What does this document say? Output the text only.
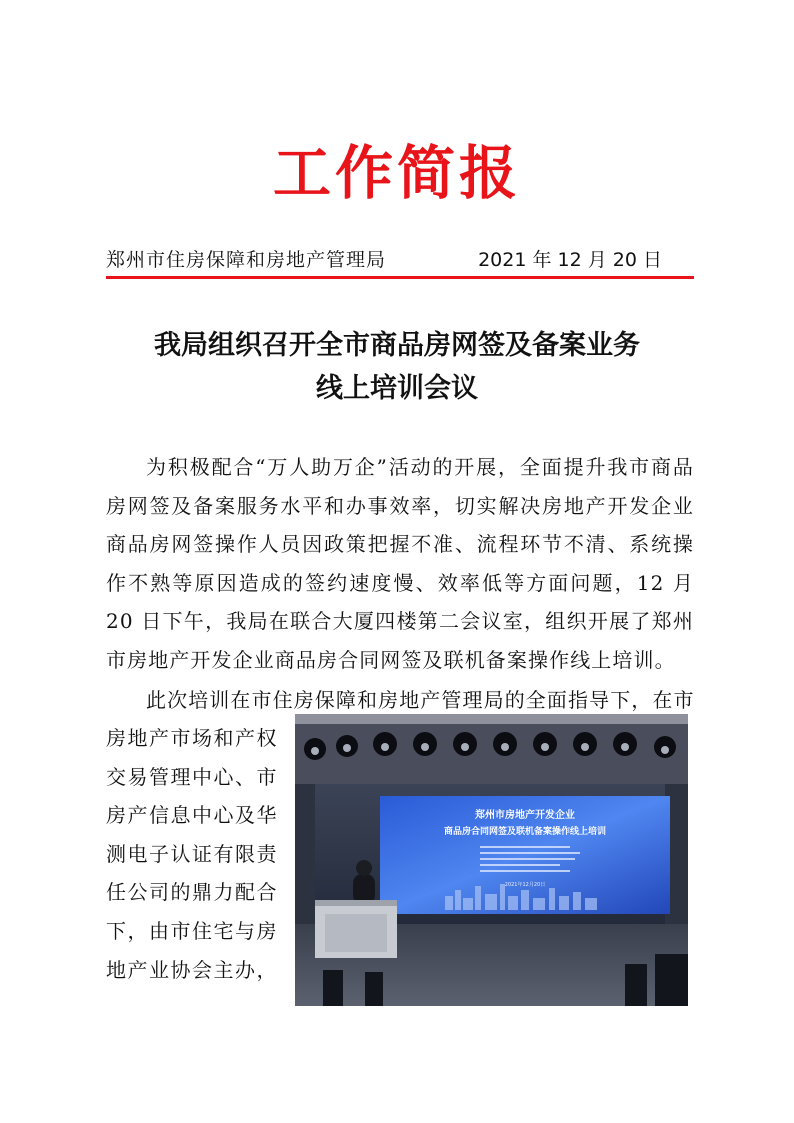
工作简报
郑州市住房保障和房地产管理局	2021 年 12 月 20 日
我局组织召开全市商品房网签及备案业务
线上培训会议
为积极配合“万人助万企”活动的开展，全面提升我市商品房网签及备案服务水平和办事效率，切实解决房地产开发企业商品房网签操作人员因政策把握不准、流程环节不清、系统操作不熟等原因造成的签约速度慢、效率低等方面问题，12 月 20 日下午，我局在联合大厦四楼第二会议室，组织开展了郑州市房地产开发企业商品房合同网签及联机备案操作线上培训。
此次培训在市住房保障和房地产管理局的全面指导下，在市
房地产市场和产权
交易管理中心、市
房产信息中心及华
测电子认证有限责
任公司的鼎力配合
下，由市住宅与房
地产业协会主办，
郑州市房地产开发企业
商品房合同网签及联机备案操作线上培训
2021年12月20日
